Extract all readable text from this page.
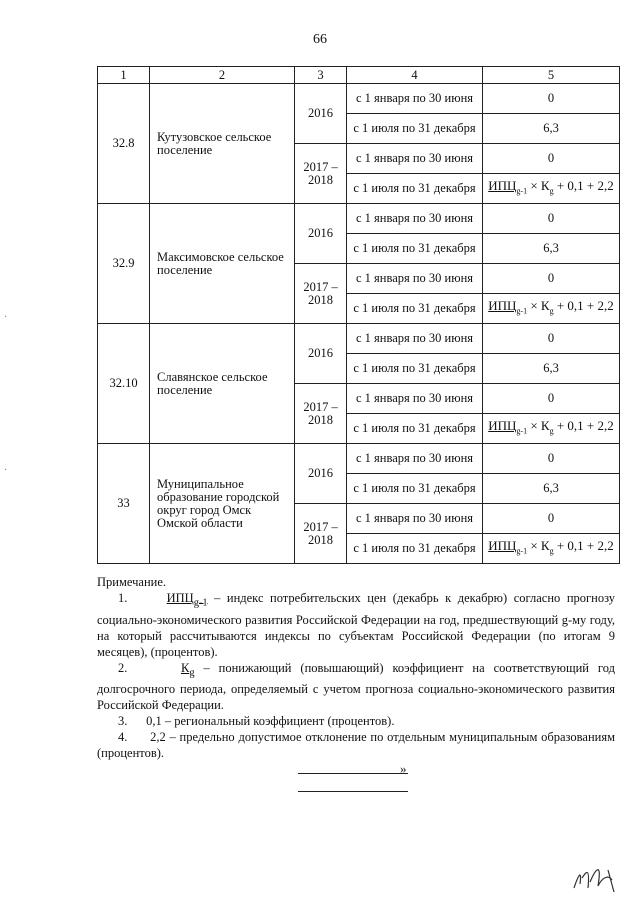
66
1	2	3	4	5
32.8	Кутузовское сельское поселение	2016	с 1 января по 30 июня	0
			с 1 июля по 31 декабря	6,3
		2017 – 2018	с 1 января по 30 июня	0
			с 1 июля по 31 декабря	$ИПЦ_{g-1} \times К_g + 0,1 + 2,2$
32.9	Максимовское сельское поселение	2016	с 1 января по 30 июня	0
			с 1 июля по 31 декабря	6,3
		2017 – 2018	с 1 января по 30 июня	0
			с 1 июля по 31 декабря	$ИПЦ_{g-1} \times К_g + 0,1 + 2,2$
32.10	Славянское сельское поселение	2016	с 1 января по 30 июня	0
			с 1 июля по 31 декабря	6,3
		2017 – 2018	с 1 января по 30 июня	0
			с 1 июля по 31 декабря	$ИПЦ_{g-1} \times К_g + 0,1 + 2,2$
33	Муниципальное образование городской округ город Омск Омской области	2016	с 1 января по 30 июня	0
			с 1 июля по 31 декабря	6,3
		2017 – 2018	с 1 января по 30 июня	0
			с 1 июля по 31 декабря	$ИПЦ_{g-1} \times К_g + 0,1 + 2,2$

Примечание.

1.	$ИПЦ_{g-1}$ – индекс потребительских цен (декабрь к декабрю) согласно прогнозу социально-экономического развития Российской Федерации на год, предшествующий g-му году, на который рассчитываются индексы по субъектам Российской Федерации (по итогам 9 месяцев), (процентов).

2.	$К_g$ – понижающий (повышающий) коэффициент на соответствующий год долгосрочного периода, определяемый с учетом прогноза социально-экономического развития Российской Федерации.

3. 0,1 – региональный коэффициент (процентов).

4. 2,2 – предельно допустимое отклонение по отдельным муниципальным образованиям (процентов).

»
·
·
